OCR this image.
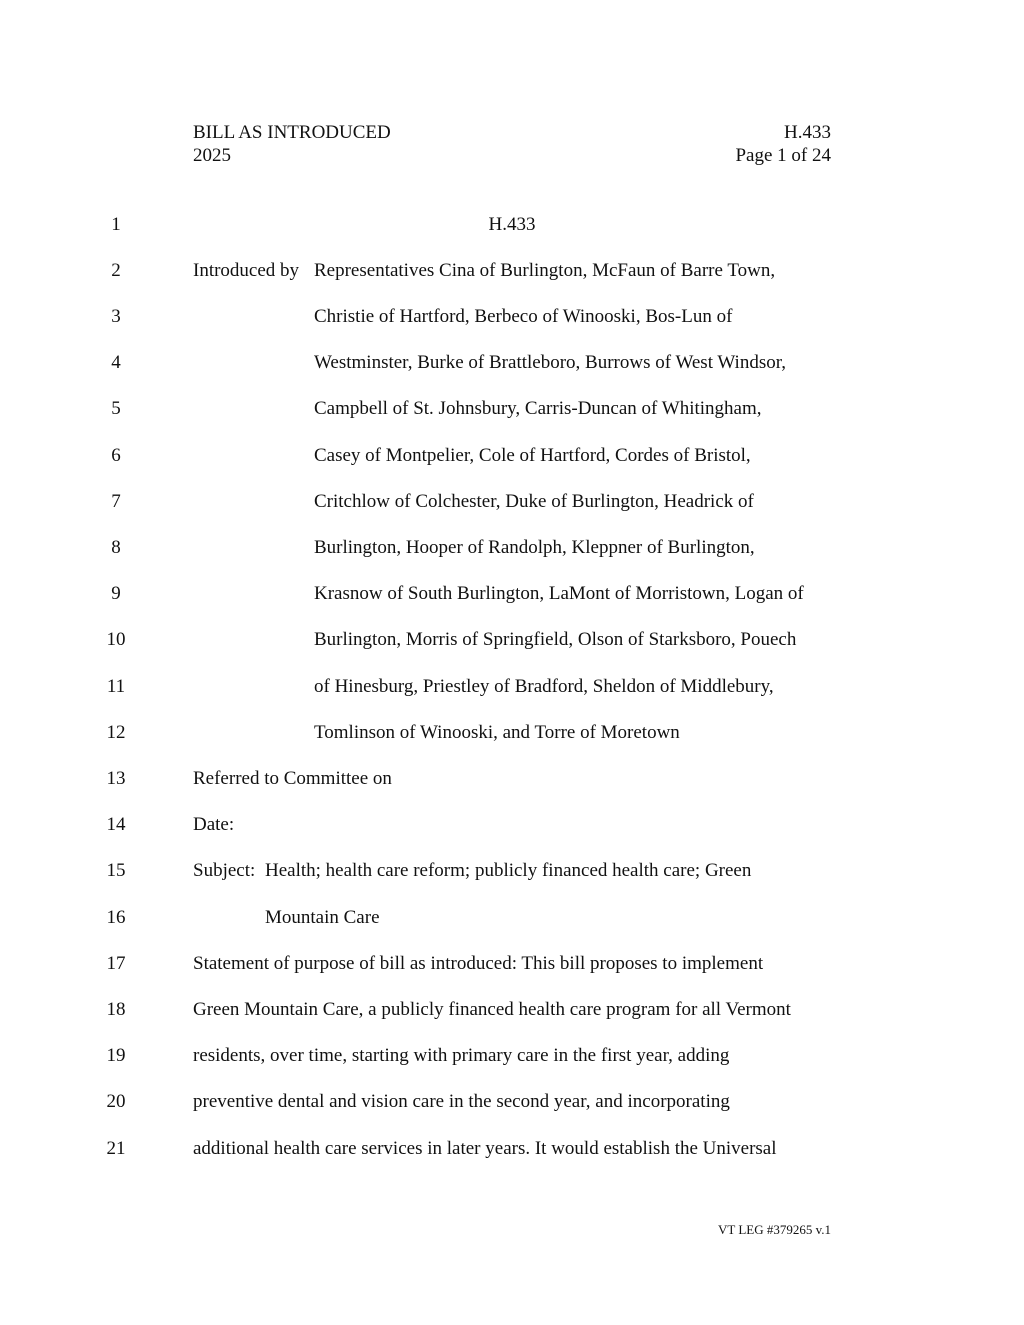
BILL AS INTRODUCED
2025
H.433
Page 1 of 24
1
2
3
4
5
6
7
8
9
10
11
12
13
14
15
16
17
18
19
20
21
H.433
Introduced by Representatives Cina of Burlington, McFaun of Barre Town,
Christie of Hartford, Berbeco of Winooski, Bos-Lun of
Westminster, Burke of Brattleboro, Burrows of West Windsor,
Campbell of St. Johnsbury, Carris-Duncan of Whitingham,
Casey of Montpelier, Cole of Hartford, Cordes of Bristol,
Critchlow of Colchester, Duke of Burlington, Headrick of
Burlington, Hooper of Randolph, Kleppner of Burlington,
Krasnow of South Burlington, LaMont of Morristown, Logan of
Burlington, Morris of Springfield, Olson of Starksboro, Pouech
of Hinesburg, Priestley of Bradford, Sheldon of Middlebury,
Tomlinson of Winooski, and Torre of Moretown
Referred to Committee on
Date:
Subject: Health; health care reform; publicly financed health care; Green
Mountain Care
Statement of purpose of bill as introduced: This bill proposes to implement
Green Mountain Care, a publicly financed health care program for all Vermont
residents, over time, starting with primary care in the first year, adding
preventive dental and vision care in the second year, and incorporating
additional health care services in later years. It would establish the Universal
VT LEG #379265 v.1
